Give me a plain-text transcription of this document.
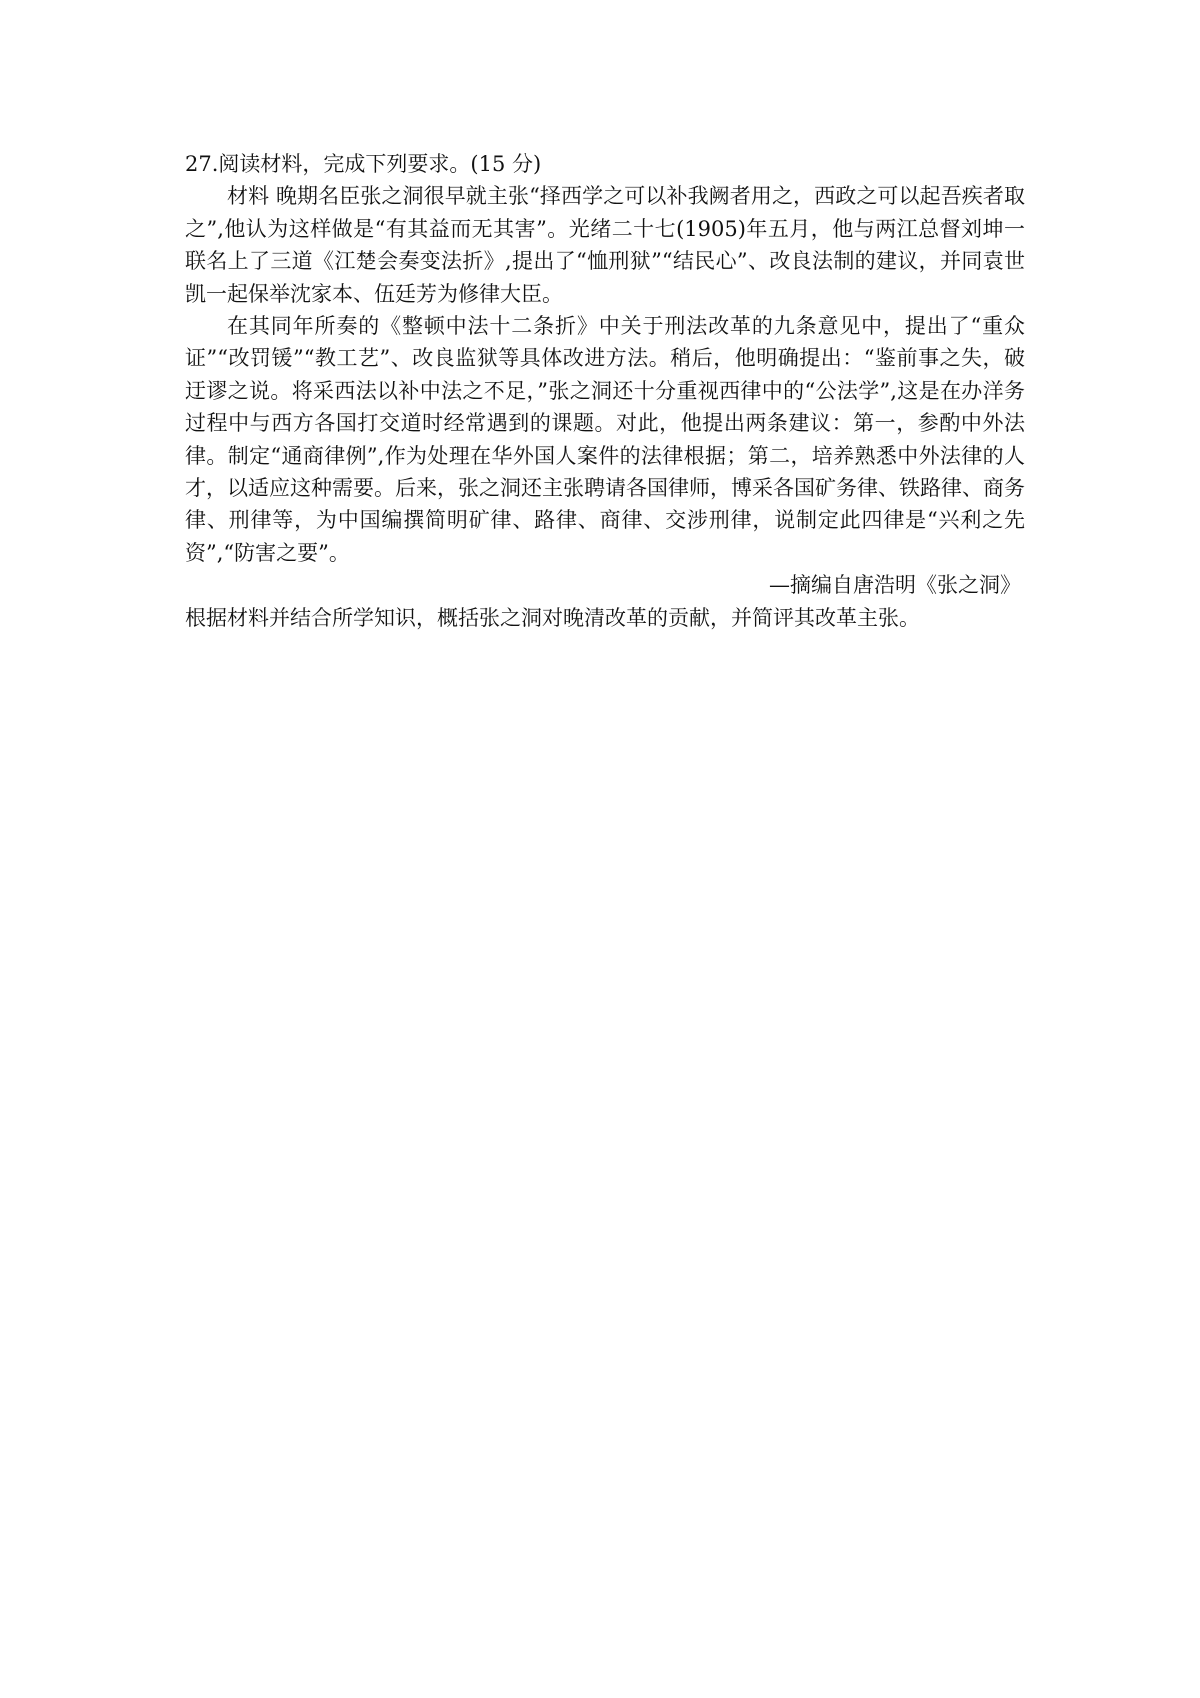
27.阅读材料，完成下列要求。(15 分)

材料 晚期名臣张之洞很早就主张“择西学之可以补我阙者用之，西政之可以起吾疾者取之”,他认为这样做是“有其益而无其害”。光绪二十七(1905)年五月，他与两江总督刘坤一联名上了三道《江楚会奏变法折》,提出了“恤刑狱”“结民心”、改良法制的建议，并同袁世凯一起保举沈家本、伍廷芳为修律大臣。

在其同年所奏的《整顿中法十二条折》中关于刑法改革的九条意见中，提出了“重众证”“改罚锾”“教工艺”、改良监狱等具体改进方法。稍后，他明确提出：“鉴前事之失，破迂谬之说。将采西法以补中法之不足，”张之洞还十分重视西律中的“公法学”,这是在办洋务过程中与西方各国打交道时经常遇到的课题。对此，他提出两条建议：第一，参酌中外法律。制定“通商律例”,作为处理在华外国人案件的法律根据；第二，培养熟悉中外法律的人才，以适应这种需要。后来，张之洞还主张聘请各国律师，博采各国矿务律、铁路律、商务律、刑律等，为中国编撰简明矿律、路律、商律、交涉刑律，说制定此四律是“兴利之先资”,“防害之要”。

—摘编自唐浩明《张之洞》

根据材料并结合所学知识，概括张之洞对晚清改革的贡献，并简评其改革主张。
